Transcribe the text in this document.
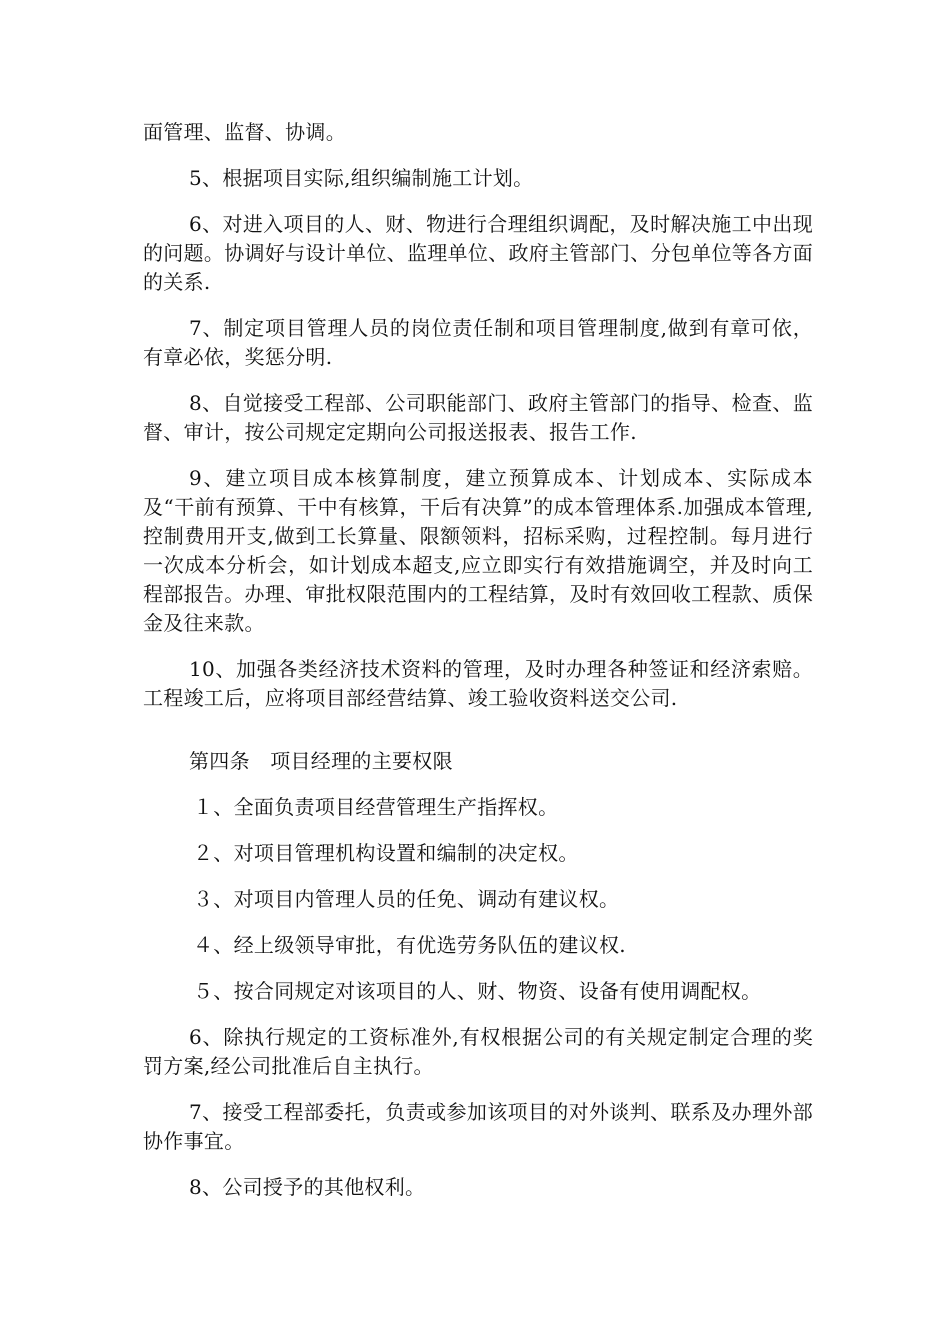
面管理、监督、协调。

5、根据项目实际,组织编制施工计划。

6、对进入项目的人、财、物进行合理组织调配，及时解决施工中出现的问题。协调好与设计单位、监理单位、政府主管部门、分包单位等各方面的关系.

7、制定项目管理人员的岗位责任制和项目管理制度,做到有章可依，有章必依，奖惩分明.

8、自觉接受工程部、公司职能部门、政府主管部门的指导、检查、监督、审计，按公司规定定期向公司报送报表、报告工作.

9、建立项目成本核算制度，建立预算成本、计划成本、实际成本及“干前有预算、干中有核算，干后有决算”的成本管理体系.加强成本管理,控制费用开支,做到工长算量、限额领料，招标采购，过程控制。每月进行一次成本分析会，如计划成本超支,应立即实行有效措施调空，并及时向工程部报告。办理、审批权限范围内的工程结算，及时有效回收工程款、质保金及往来款。

10、加强各类经济技术资料的管理，及时办理各种签证和经济索赔。工程竣工后，应将项目部经营结算、竣工验收资料送交公司.

第四条　项目经理的主要权限

１、全面负责项目经营管理生产指挥权。

２、对项目管理机构设置和编制的决定权。

３、对项目内管理人员的任免、调动有建议权。

４、经上级领导审批，有优选劳务队伍的建议权.

５、按合同规定对该项目的人、财、物资、设备有使用调配权。

6、除执行规定的工资标准外,有权根据公司的有关规定制定合理的奖罚方案,经公司批准后自主执行。

7、接受工程部委托，负责或参加该项目的对外谈判、联系及办理外部协作事宜。

8、公司授予的其他权利。
